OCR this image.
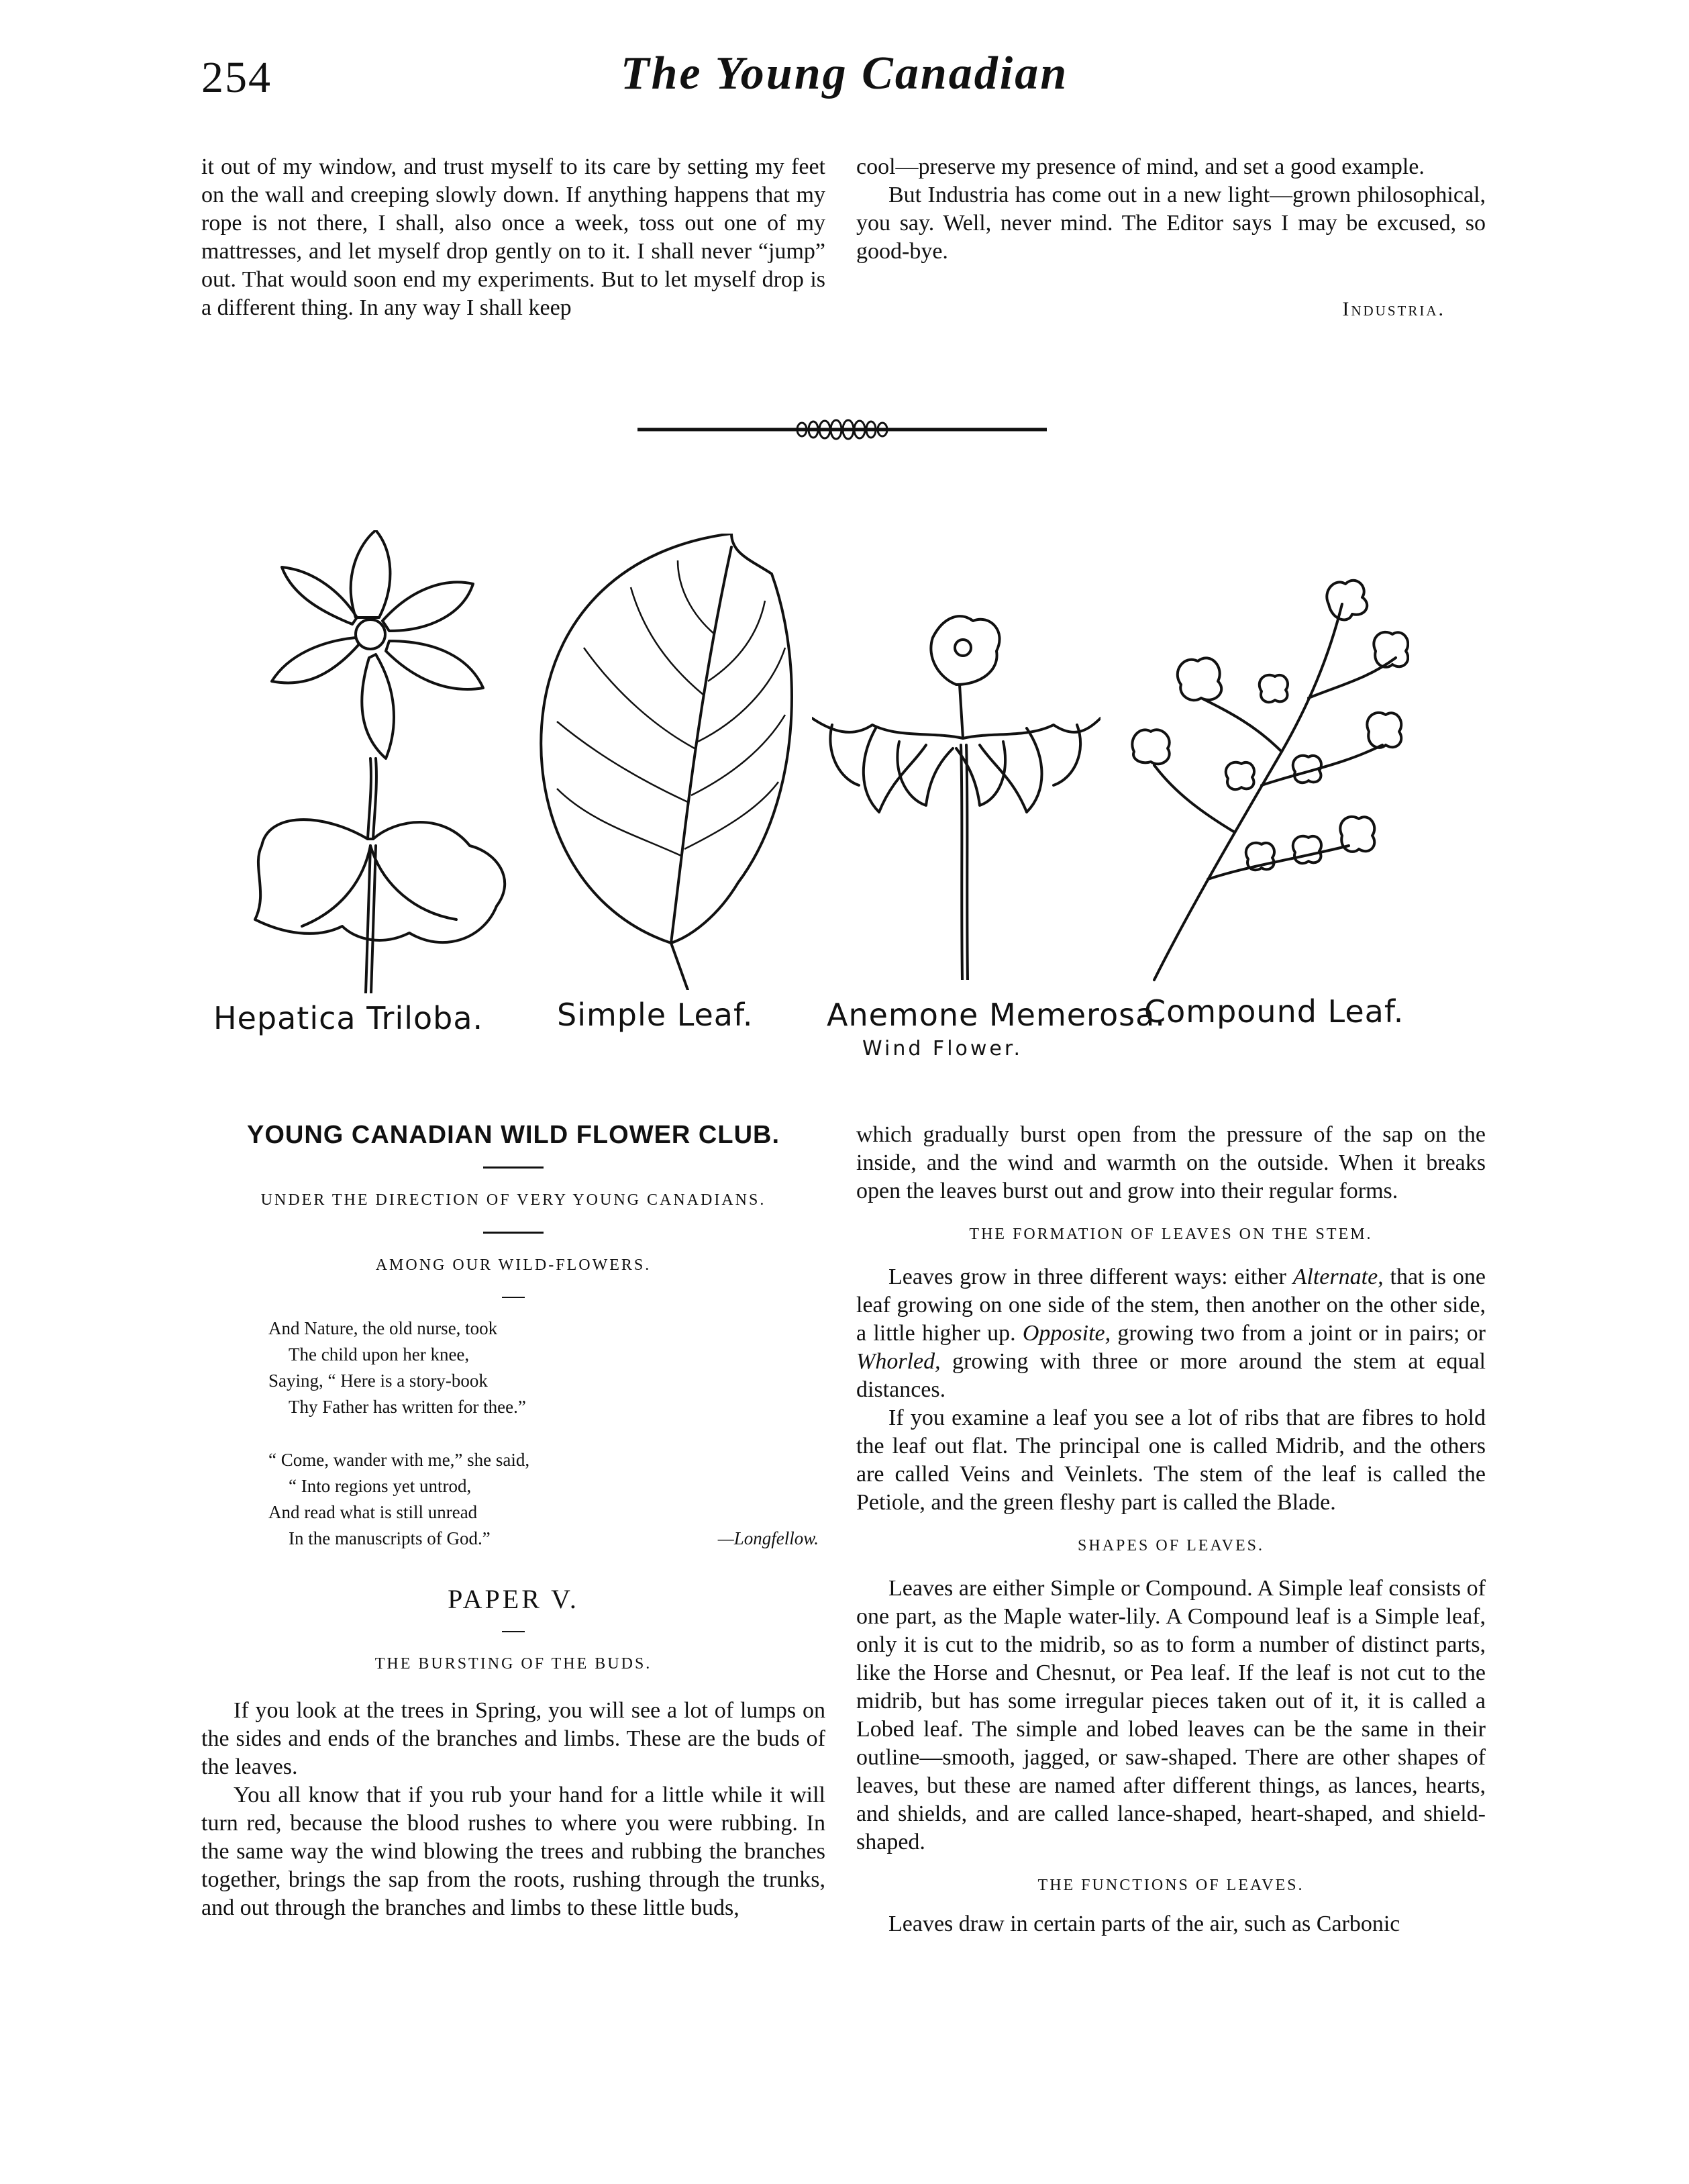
254	The Young Canadian

it out of my window, and trust myself to its care by setting my feet on the wall and creeping slowly down. If anything happens that my rope is not there, I shall, also once a week, toss out one of my mattresses, and let myself drop gently on to it. I shall never “jump” out. That would soon end my experiments. But to let myself drop is a different thing. In any way I shall keep

cool—preserve my presence of mind, and set a good example.

But Industria has come out in a new light—grown philosophical, you say. Well, never mind. The Editor says I may be excused, so good-bye.

Industria.
Hepatica Triloba. Simple Leaf. Anemone Memerosa.
Wind Flower.
Compound Leaf.

YOUNG CANADIAN WILD FLOWER CLUB.

UNDER THE DIRECTION OF VERY YOUNG CANADIANS.

AMONG OUR WILD-FLOWERS.

And Nature, the old nurse, took
The child upon her knee,
Saying, “ Here is a story-book
Thy Father has written for thee.”
“ Come, wander with me,” she said,
“ Into regions yet untrod,
And read what is still unread
In the manuscripts of God.”	—Longfellow.

PAPER V.

THE BURSTING OF THE BUDS.

If you look at the trees in Spring, you will see a lot of lumps on the sides and ends of the branches and limbs. These are the buds of the leaves.

You all know that if you rub your hand for a little while it will turn red, because the blood rushes to where you were rubbing. In the same way the wind blowing the trees and rubbing the branches together, brings the sap from the roots, rushing through the trunks, and out through the branches and limbs to these little buds,

which gradually burst open from the pressure of the sap on the inside, and the wind and warmth on the outside. When it breaks open the leaves burst out and grow into their regular forms.

THE FORMATION OF LEAVES ON THE STEM.

Leaves grow in three different ways: either Alternate, that is one leaf growing on one side of the stem, then another on the other side, a little higher up. Opposite, growing two from a joint or in pairs; or Whorled, growing with three or more around the stem at equal distances.

If you examine a leaf you see a lot of ribs that are fibres to hold the leaf out flat. The principal one is called Midrib, and the others are called Veins and Veinlets. The stem of the leaf is called the Petiole, and the green fleshy part is called the Blade.

SHAPES OF LEAVES.

Leaves are either Simple or Compound. A Simple leaf consists of one part, as the Maple water-lily. A Compound leaf is a Simple leaf, only it is cut to the midrib, so as to form a number of distinct parts, like the Horse and Chesnut, or Pea leaf. If the leaf is not cut to the midrib, but has some irregular pieces taken out of it, it is called a Lobed leaf. The simple and lobed leaves can be the same in their outline—smooth, jagged, or saw-shaped. There are other shapes of leaves, but these are named after different things, as lances, hearts, and shields, and are called lance-shaped, heart-shaped, and shield-shaped.

THE FUNCTIONS OF LEAVES.

Leaves draw in certain parts of the air, such as Carbonic
